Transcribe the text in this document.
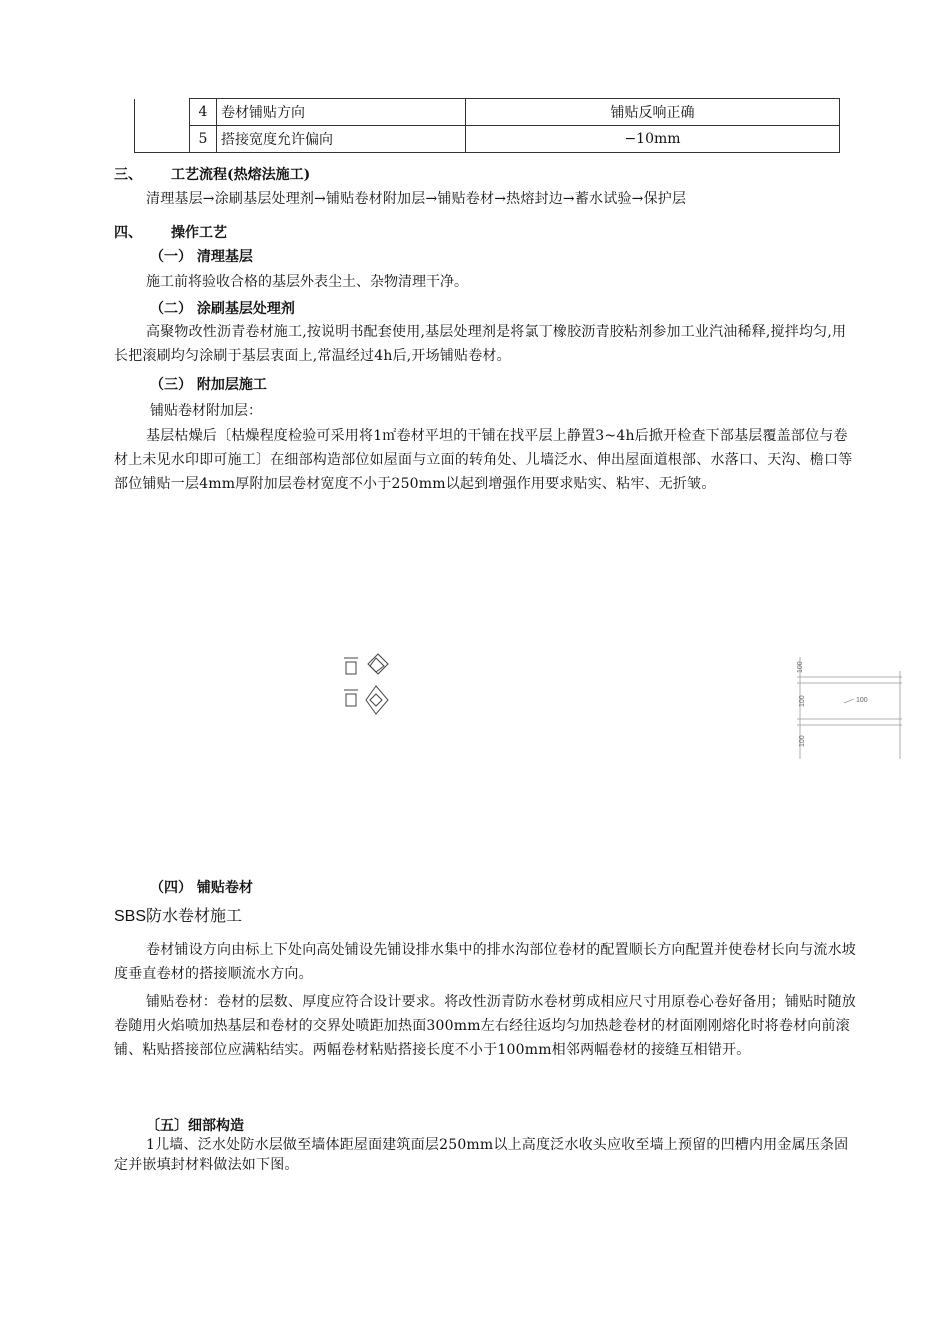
	4	卷材铺贴方向	铺贴反响正确
	5	搭接宽度允许偏向	−10mm
三、 工艺流程(热熔法施工)
清理基层→涂刷基层处理剂→铺贴卷材附加层→铺贴卷材→热熔封边→蓄水试验→保护层
四、 操作工艺
（一） 清理基层
施工前将验收合格的基层外表尘土、杂物清理干净。
（二） 涂刷基层处理剂
高聚物改性沥青卷材施工,按说明书配套使用,基层处理剂是将氯丁橡胶沥青胶粘剂参加工业汽油稀释,搅拌均匀,用长把滚刷均匀涂刷于基层衷面上,常温经过4h后,开场铺贴卷材。
（三） 附加层施工
铺贴卷材附加层：
基层枯燥后〔枯燥程度检验可采用将1㎡卷材平坦的干铺在找平层上静置3~4h后掀开检查下部基层覆盖部位与卷材上未见水印即可施工〕在细部构造部位如屋面与立面的转角处、儿墙泛水、伸出屋面道根部、水落口、天沟、檐口等部位铺贴一层4mm厚附加层卷材宽度不小于250mm以起到增强作用要求贴实、粘牢、无折皱。
100
100
100
100
（四） 铺贴卷材
SBS防水卷材施工
卷材铺设方向由标上下处向高处铺设先铺设排水集中的排水沟部位卷材的配置顺长方向配置并使卷材长向与流水坡度垂直卷材的搭接顺流水方向。
铺贴卷材：卷材的层数、厚度应符合设计要求。将改性沥青防水卷材剪成相应尺寸用原卷心卷好备用；铺贴时随放卷随用火焰喷加热基层和卷材的交界处喷距加热面300mm左右经往返均匀加热趁卷材的材面刚刚熔化时将卷材向前滚铺、粘贴搭接部位应满粘结实。两幅卷材粘贴搭接长度不小于100mm相邻两幅卷材的接缝互相错开。
〔五〕细部构造
1儿墙、泛水处防水层做至墙体距屋面建筑面层250mm以上高度泛水收头应收至墙上预留的凹槽内用金属压条固定并嵌填封材料做法如下图。
